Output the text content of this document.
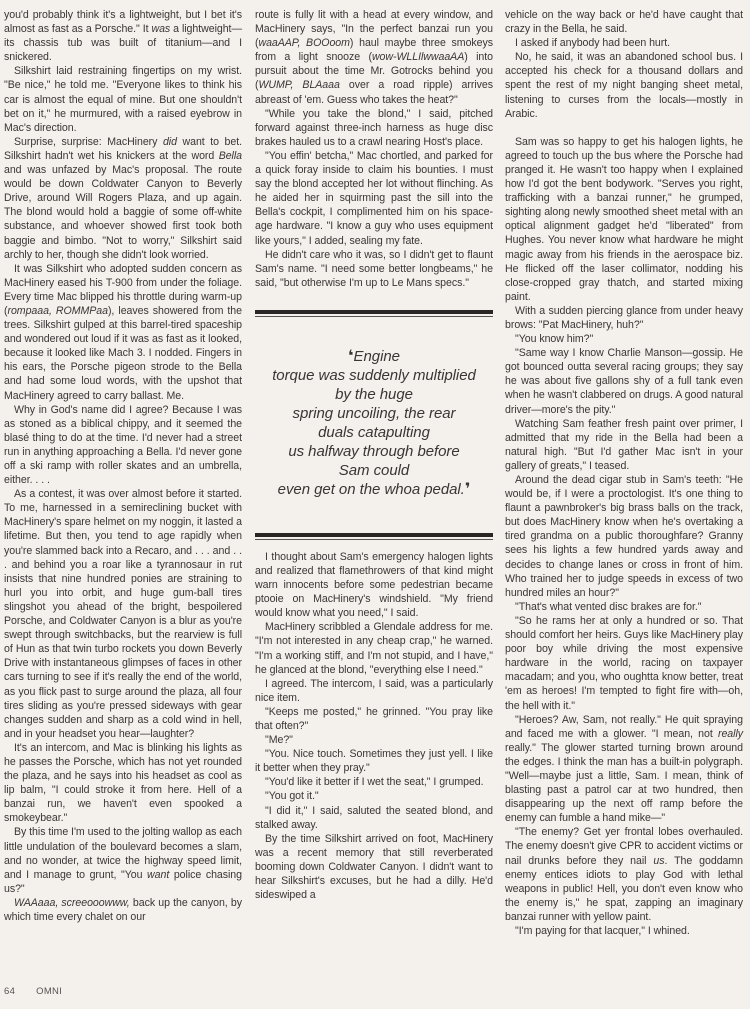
you'd probably think it's a lightweight, but I bet it's almost as fast as a Porsche." It was a lightweight—its chassis tub was built of titanium—and I snickered.

Silkshirt laid restraining fingertips on my wrist. "Be nice," he told me. "Everyone likes to think his car is almost the equal of mine. But one shouldn't bet on it," he murmured, with a raised eyebrow in Mac's direction.

Surprise, surprise: MacHinery did want to bet. Silkshirt hadn't wet his knickers at the word Bella and was unfazed by Mac's proposal. The route would be down Coldwater Canyon to Beverly Drive, around Will Rogers Plaza, and up again. The blond would hold a baggie of some off-white substance, and whoever showed first took both baggie and bimbo. "Not to worry," Silkshirt said archly to her, though she didn't look worried.

It was Silkshirt who adopted sudden concern as MacHinery eased his T-900 from under the foliage. Every time Mac blipped his throttle during warm-up (rompaaa, ROMMPaa), leaves showered from the trees. Silkshirt gulped at this barrel-tired spaceship and wondered out loud if it was as fast as it looked, because it looked like Mach 3. I nodded. Fingers in his ears, the Porsche pigeon strode to the Bella and had some loud words, with the upshot that MacHinery agreed to carry ballast. Me.

Why in God's name did I agree? Because I was as stoned as a biblical chippy, and it seemed the blasé thing to do at the time. I'd never had a street run in anything approaching a Bella. I'd never gone off a ski ramp with roller skates and an umbrella, either. . . .

As a contest, it was over almost before it started. To me, harnessed in a semireclining bucket with MacHinery's spare helmet on my noggin, it lasted a lifetime. But then, you tend to age rapidly when you're slammed back into a Recaro, and . . . and . . . and behind you a roar like a tyrannosaur in rut insists that nine hundred ponies are straining to hurl you into orbit, and huge gum-ball tires slingshot you ahead of the bright, bespoilered Porsche, and Coldwater Canyon is a blur as you're swept through switchbacks, but the rearview is full of Hun as that twin turbo rockets you down Beverly Drive with instantaneous glimpses of faces in other cars turning to see if it's really the end of the world, as you flick past to surge around the plaza, all four tires sliding as you're pressed sideways with gear changes sudden and sharp as a cold wind in hell, and in your headset you hear—laughter?

It's an intercom, and Mac is blinking his lights as he passes the Porsche, which has not yet rounded the plaza, and he says into his headset as cool as lip balm, "I could stroke it from here. Hell of a banzai run, we haven't even spooked a smokeybear."

By this time I'm used to the jolting wallop as each little undulation of the boulevard becomes a slam, and no wonder, at twice the highway speed limit, and I manage to grunt, "You want police chasing us?"

WAAaaa, screeooowww, back up the canyon, by which time every chalet on our

route is fully lit with a head at every window, and MacHinery says, "In the perfect banzai run you (waaAAP, BOOoom) haul maybe three smokeys from a light snooze (wow-WLLIlwwaaAA) into pursuit about the time Mr. Gotrocks behind you (WUMP, BLAaaa over a road ripple) arrives abreast of 'em. Guess who takes the heat?"

"While you take the blond," I said, pitched forward against three-inch harness as huge disc brakes hauled us to a crawl nearing Host's place.

"You effin' betcha," Mac chortled, and parked for a quick foray inside to claim his bounties. I must say the blond accepted her lot without flinching. As he aided her in squirming past the sill into the Bella's cockpit, I complimented him on his space-age hardware. "I know a guy who uses equipment like yours," I added, sealing my fate.

He didn't care who it was, so I didn't get to flaunt Sam's name. "I need some better longbeams," he said, "but otherwise I'm up to Le Mans specs."

❛Engine
torque was suddenly multiplied
by the huge
spring uncoiling, the rear
duals catapulting
us halfway through before
Sam could
even get on the whoa pedal.❜

I thought about Sam's emergency halogen lights and realized that flamethrowers of that kind might warn innocents before some pedestrian became ptooie on MacHinery's windshield. "My friend would know what you need," I said.

MacHinery scribbled a Glendale address for me. "I'm not interested in any cheap crap," he warned. "I'm a working stiff, and I'm not stupid, and I have," he glanced at the blond, "everything else I need."

I agreed. The intercom, I said, was a particularly nice item.

"Keeps me posted," he grinned. "You pray like that often?"

"Me?"

"You. Nice touch. Sometimes they just yell. I like it better when they pray."

"You'd like it better if I wet the seat," I grumped.

"You got it."

"I did it," I said, saluted the seated blond, and stalked away.

By the time Silkshirt arrived on foot, MacHinery was a recent memory that still reverberated booming down Coldwater Canyon. I didn't want to hear Silkshirt's excuses, but he had a dilly. He'd sideswiped a

vehicle on the way back or he'd have caught that crazy in the Bella, he said.

I asked if anybody had been hurt.

No, he said, it was an abandoned school bus. I accepted his check for a thousand dollars and spent the rest of my night banging sheet metal, listening to curses from the locals—mostly in Arabic.

Sam was so happy to get his halogen lights, he agreed to touch up the bus where the Porsche had pranged it. He wasn't too happy when I explained how I'd got the bent bodywork. "Serves you right, trafficking with a banzai runner," he grumped, sighting along newly smoothed sheet metal with an optical alignment gadget he'd "liberated" from Hughes. You never know what hardware he might magic away from his friends in the aerospace biz. He flicked off the laser collimator, nodding his close-cropped gray thatch, and started mixing paint.

With a sudden piercing glance from under heavy brows: "Pat MacHinery, huh?"

"You know him?"

"Same way I know Charlie Manson—gossip. He got bounced outta several racing groups; they say he was about five gallons shy of a full tank even when he wasn't clabbered on drugs. A good natural driver—more's the pity."

Watching Sam feather fresh paint over primer, I admitted that my ride in the Bella had been a natural high. "But I'd gather Mac isn't in your gallery of greats," I teased.

Around the dead cigar stub in Sam's teeth: "He would be, if I were a proctologist. It's one thing to flaunt a pawnbroker's big brass balls on the track, but does MacHinery know when he's overtaking a tired grandma on a public thoroughfare? Granny sees his lights a few hundred yards away and decides to change lanes or cross in front of him. Who trained her to judge speeds in excess of two hundred miles an hour?"

"That's what vented disc brakes are for."

"So he rams her at only a hundred or so. That should comfort her heirs. Guys like MacHinery play poor boy while driving the most expensive hardware in the world, racing on taxpayer macadam; and you, who oughtta know better, treat 'em as heroes! I'm tempted to fight fire with—oh, the hell with it."

"Heroes? Aw, Sam, not really." He quit spraying and faced me with a glower. "I mean, not really really." The glower started turning brown around the edges. I think the man has a built-in polygraph. "Well—maybe just a little, Sam. I mean, think of blasting past a patrol car at two hundred, then disappearing up the next off ramp before the enemy can fumble a hand mike—"

"The enemy? Get yer frontal lobes overhauled. The enemy doesn't give CPR to accident victims or nail drunks before they nail us. The goddamn enemy entices idiots to play God with lethal weapons in public! Hell, you don't even know who the enemy is," he spat, zapping an imaginary banzai runner with yellow paint.

"I'm paying for that lacquer," I whined.

64 OMNI
